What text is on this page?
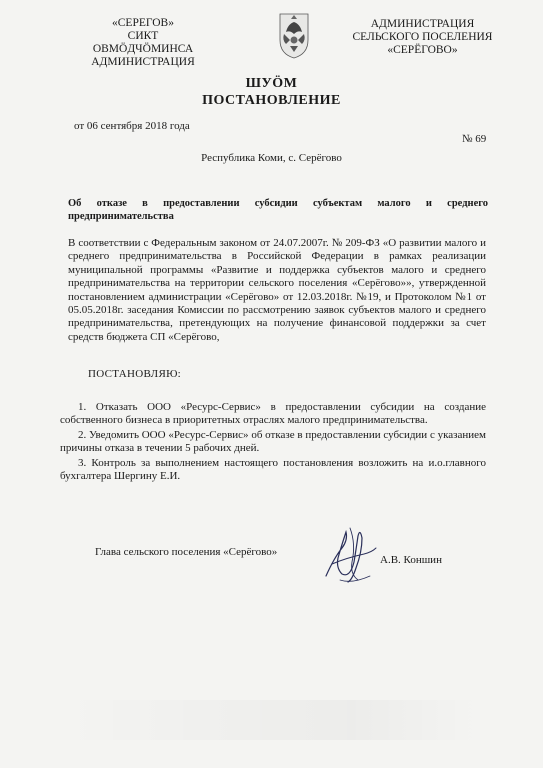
«СЕРЕГОВ»
СИКТ ОВМÖДЧÖМИНСА
АДМИНИСТРАЦИЯ
АДМИНИСТРАЦИЯ
СЕЛЬСКОГО ПОСЕЛЕНИЯ
«СЕРЁГОВО»
ШУÖМ
ПОСТАНОВЛЕНИЕ
от 06 сентября 2018 года
№ 69
Республика Коми, с. Серёгово
Об отказе в предоставлении субсидии субъектам малого и среднего предпринимательства
В соответствии с Федеральным законом от 24.07.2007г. № 209-ФЗ «О развитии малого и среднего предпринимательства в Российской Федерации в рамках реализации муниципальной программы «Развитие и поддержка субъектов малого и среднего предпринимательства на территории сельского поселения «Серёгово»», утвержденной постановлением администрации «Серёгово» от 12.03.2018г. №19, и Протоколом №1 от 05.05.2018г. заседания Комиссии по рассмотрению заявок субъектов малого и среднего предпринимательства, претендующих на получение финансовой поддержки за счет средств бюджета СП «Серёгово,
ПОСТАНОВЛЯЮ:
1. Отказать ООО «Ресурс-Сервис» в предоставлении субсидии на создание собственного бизнеса в приоритетных отраслях малого предпринимательства.
2. Уведомить ООО «Ресурс-Сервис» об отказе в предоставлении субсидии с указанием причины отказа в течении 5 рабочих дней.
3. Контроль за выполнением настоящего постановления возложить на и.о.главного бухгалтера Шергину Е.И.
Глава сельского поселения «Серёгово»
А.В. Коншин
